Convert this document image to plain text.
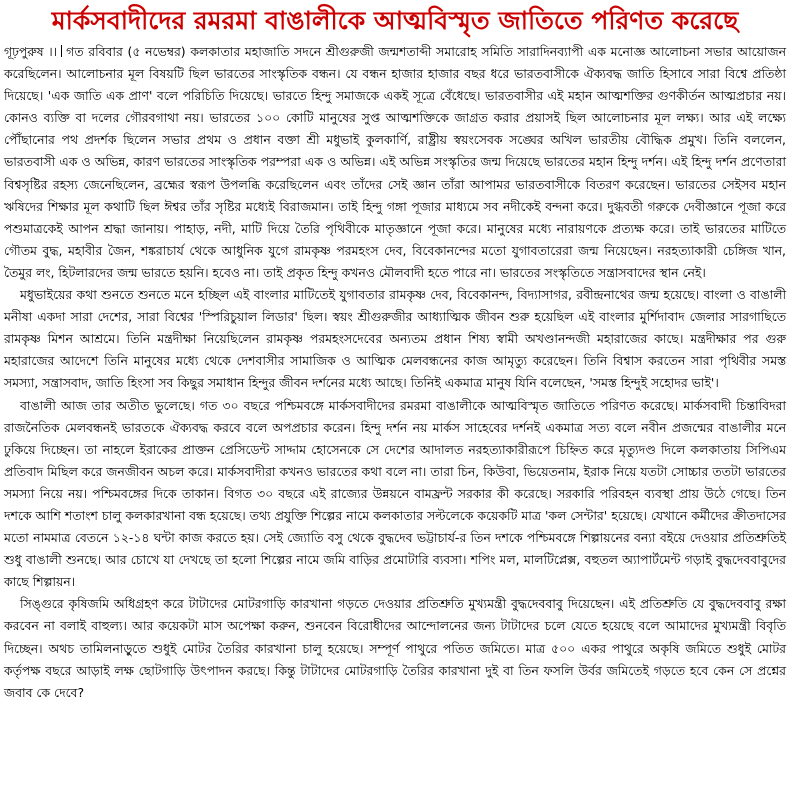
মার্কসবাদীদের রমরমা বাঙালীকে আত্মবিস্মৃত জাতিতে পরিণত করেছে

গূঢ়পুরুষ ।। গত রবিবার (৫ নভেম্বর) কলকাতার মহাজাতি সদনে শ্রীগুরুজী জন্মশতাব্দী সমারোহ সমিতি সারাদিনব্যাপী এক মনোজ্ঞ আলোচনা সভার আয়োজন করেছিলেন। আলোচনার মূল বিষয়টি ছিল ভারতের সাংস্কৃতিক বন্ধন। যে বন্ধন হাজার হাজার বছর ধরে ভারতবাসীকে ঐক্যবদ্ধ জাতি হিসাবে সারা বিশ্বে প্রতিষ্ঠা দিয়েছে। 'এক জাতি এক প্রাণ' বলে পরিচিতি দিয়েছে। ভারতে হিন্দু সমাজকে একই সূত্রে বেঁধেছে। ভারতবাসীর এই মহান আত্মশক্তির গুণকীর্তন আত্মপ্রচার নয়। কোনও ব্যক্তি বা দলের গৌরবগাথা নয়। ভারতের ১০০ কোটি মানুষের সুপ্ত আত্মশক্তিকে জাগ্রত করার প্রয়াসই ছিল আলোচনার মূল লক্ষ্য। আর এই লক্ষ্যে পৌঁছানোর পথ প্রদর্শক ছিলেন সভার প্রথম ও প্রধান বক্তা শ্রী মধুভাই কুলকার্ণি, রাষ্ট্রীয় স্বয়ংসেবক সঙ্ঘের অখিল ভারতীয় বৌদ্ধিক প্রমুখ। তিনি বললেন, ভারতবাসী এক ও অভিন্ন, কারণ ভারতের সাংস্কৃতিক পরম্পরা এক ও অভিন্ন। এই অভিন্ন সংস্কৃতির জন্ম দিয়েছে ভারতের মহান হিন্দু দর্শন। এই হিন্দু দর্শন প্রণেতারা বিশ্বসৃষ্টির রহস্য জেনেছিলেন, ব্রহ্মের স্বরূপ উপলব্ধি করেছিলেন এবং তাঁদের সেই জ্ঞান তাঁরা আপামর ভারতবাসীকে বিতরণ করেছেন। ভারতের সেইসব মহান ঋষিদের শিক্ষার মূল কথাটি ছিল ঈশ্বর তাঁর সৃষ্টির মধ্যেই বিরাজমান। তাই হিন্দু গঙ্গা পূজার মাধ্যমে সব নদীকেই বন্দনা করে। দুগ্ধবতী গরুকে দেবীজ্ঞানে পূজা করে পশুমাত্রকেই আপন শ্রদ্ধা জানায়। পাহাড়, নদী, মাটি দিয়ে তৈরি পৃথিবীকে মাতৃজ্ঞানে পূজা করে। মানুষের মধ্যে নারায়ণকে প্রত্যক্ষ করে। তাই ভারতের মাটিতে গৌতম বুদ্ধ, মহাবীর জৈন, শঙ্করাচার্য থেকে আধুনিক যুগে রামকৃষ্ণ পরমহংস দেব, বিবেকানন্দের মতো যুগাবতারেরা জন্ম নিয়েছেন। নরহত্যাকারী চেঙ্গিজ খান, তৈমুর লং, হিটলারদের জন্ম ভারতে হয়নি। হবেও না। তাই প্রকৃত হিন্দু কখনও মৌলবাদী হতে পারে না। ভারতের সংস্কৃতিতে সন্ত্রাসবাদের স্থান নেই।

মধুভাইয়ের কথা শুনতে শুনতে মনে হচ্ছিল এই বাংলার মাটিতেই যুগাবতার রামকৃষ্ণ দেব, বিবেকানন্দ, বিদ্যাসাগর, রবীন্দ্রনাথের জন্ম হয়েছে। বাংলা ও বাঙালী মনীষা একদা সারা দেশের, সারা বিশ্বের 'স্পিরিচুয়াল লিডার' ছিল। স্বয়ং শ্রীগুরুজীর আধ্যাত্মিক জীবন শুরু হয়েছিল এই বাংলার মুর্শিদাবাদ জেলার সারগাছিতে রামকৃষ্ণ মিশন আশ্রমে। তিনি মন্ত্রদীক্ষা নিয়েছিলেন রামকৃষ্ণ পরমহংসদেবের অন্যতম প্রধান শিষ্য স্বামী অখণ্ডানন্দজী মহারাজের কাছে। মন্ত্রদীক্ষার পর গুরু মহারাজের আদেশে তিনি মানুষের মধ্যে থেকে দেশবাসীর সামাজিক ও আত্মিক মেলবন্ধনের কাজ আমৃত্যু করেছেন। তিনি বিশ্বাস করতেন সারা পৃথিবীর সমস্ত সমস্যা, সন্ত্রাসবাদ, জাতি হিংসা সব কিছুর সমাধান হিন্দুর জীবন দর্শনের মধ্যে আছে। তিনিই একমাত্র মানুষ যিনি বলেছেন, 'সমস্ত হিন্দুই সহোদর ভাই'।

বাঙালী আজ তার অতীত ভুলেছে। গত ৩০ বছরে পশ্চিমবঙ্গে মার্কসবাদীদের রমরমা বাঙালীকে আত্মবিস্মৃত জাতিতে পরিণত করেছে। মার্কসবাদী চিন্তাবিদরা রাজনৈতিক মেলবন্ধনই ভারতকে ঐক্যবদ্ধ করবে বলে অপপ্রচার করেন। হিন্দু দর্শন নয় মার্কস সাহেবের দর্শনই একমাত্র সত্য বলে নবীন প্রজন্মের বাঙালীর মনে ঢুকিয়ে দিচ্ছেন। তা নাহলে ইরাকের প্রাক্তন প্রেসিডেন্ট সাদ্দাম হোসেনকে সে দেশের আদালত নরহত্যাকারীরূপে চিহ্নিত করে মৃত্যুদণ্ড দিলে কলকাতায় সিপিএম প্রতিবাদ মিছিল করে জনজীবন অচল করে। মার্কসবাদীরা কখনও ভারতের কথা বলে না। তারা চিন, কিউবা, ভিয়েতনাম, ইরাক নিয়ে যতটা সোচ্চার ততটা ভারতের সমস্যা নিয়ে নয়। পশ্চিমবঙ্গের দিকে তাকান। বিগত ৩০ বছরে এই রাজ্যের উন্নয়নে বামফ্রন্ট সরকার কী করেছে। সরকারি পরিবহন ব্যবস্থা প্রায় উঠে গেছে। তিন দশকে আশি শতাংশ চালু কলকারখানা বন্ধ হয়েছে। তথ্য প্রযুক্তি শিল্পের নামে কলকাতার সল্টলেকে কয়েকটি মাত্র 'কল সেন্টার' হয়েছে। যেখানে কর্মীদের ক্রীতদাসের মতো নামমাত্র বেতনে ১২-১৪ ঘন্টা কাজ করতে হয়। সেই জ্যোতি বসু থেকে বুদ্ধদেব ভট্টাচার্য-র তিন দশকে পশ্চিমবঙ্গে শিল্পায়নের বন্যা বইয়ে দেওয়ার প্রতিশ্রুতিই শুধু বাঙালী শুনছে। আর চোখে যা দেখছে তা হলো শিল্পের নামে জমি বাড়ির প্রমোটারি ব্যবসা। শপিং মল, মালটিপ্লেক্স, বহুতল অ্যাপার্টমেন্ট গড়াই বুদ্ধদেববাবুদের কাছে শিল্পায়ন।

সিঙ্গুরে কৃষিজমি অধিগ্রহণ করে টাটাদের মোটরগাড়ি কারখানা গড়তে দেওয়ার প্রতিশ্রুতি মুখ্যমন্ত্রী বুদ্ধদেববাবু দিয়েছেন। এই প্রতিশ্রুতি যে বুদ্ধদেববাবু রক্ষা করবেন না বলাই বাহুল্য। আর কয়েকটা মাস অপেক্ষা করুন, শুনবেন বিরোধীদের আন্দোলনের জন্য টাটাদের চলে যেতে হয়েছে বলে আমাদের মুখ্যমন্ত্রী বিবৃতি দিচ্ছেন। অথচ তামিলনাড়ুতে শুধুই মোটর তৈরির কারখানা চালু হয়েছে। সম্পূর্ণ পাথুরে পতিত জমিতে। মাত্র ৫০০ একর পাথুরে অকৃষি জমিতে শুধুই মোটর কর্তৃপক্ষ বছরে আড়াই লক্ষ ছোটগাড়ি উৎপাদন করছে। কিন্তু টাটাদের মোটরগাড়ি তৈরির কারখানা দুই বা তিন ফসলি উর্বর জমিতেই গড়তে হবে কেন সে প্রশ্নের জবাব কে দেবে?
